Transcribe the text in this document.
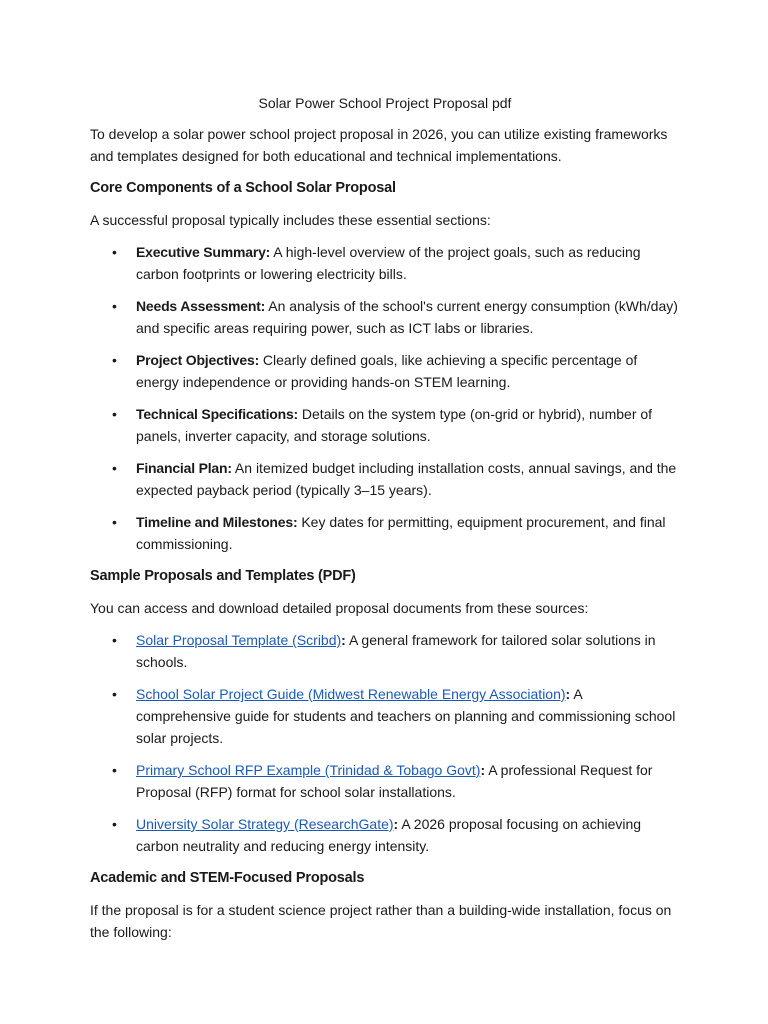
Solar Power School Project Proposal pdf

To develop a solar power school project proposal in 2026, you can utilize existing frameworks and templates designed for both educational and technical implementations.

Core Components of a School Solar Proposal

A successful proposal typically includes these essential sections:

• Executive Summary: A high-level overview of the project goals, such as reducing carbon footprints or lowering electricity bills.
• Needs Assessment: An analysis of the school's current energy consumption (kWh/day) and specific areas requiring power, such as ICT labs or libraries.
• Project Objectives: Clearly defined goals, like achieving a specific percentage of energy independence or providing hands-on STEM learning.
• Technical Specifications: Details on the system type (on-grid or hybrid), number of panels, inverter capacity, and storage solutions.
• Financial Plan: An itemized budget including installation costs, annual savings, and the expected payback period (typically 3–15 years).
• Timeline and Milestones: Key dates for permitting, equipment procurement, and final commissioning.
Sample Proposals and Templates (PDF)

You can access and download detailed proposal documents from these sources:

• Solar Proposal Template (Scribd): A general framework for tailored solar solutions in schools.
• School Solar Project Guide (Midwest Renewable Energy Association): A comprehensive guide for students and teachers on planning and commissioning school solar projects.
• Primary School RFP Example (Trinidad & Tobago Govt): A professional Request for Proposal (RFP) format for school solar installations.
• University Solar Strategy (ResearchGate): A 2026 proposal focusing on achieving carbon neutrality and reducing energy intensity.
Academic and STEM-Focused Proposals

If the proposal is for a student science project rather than a building-wide installation, focus on the following:
